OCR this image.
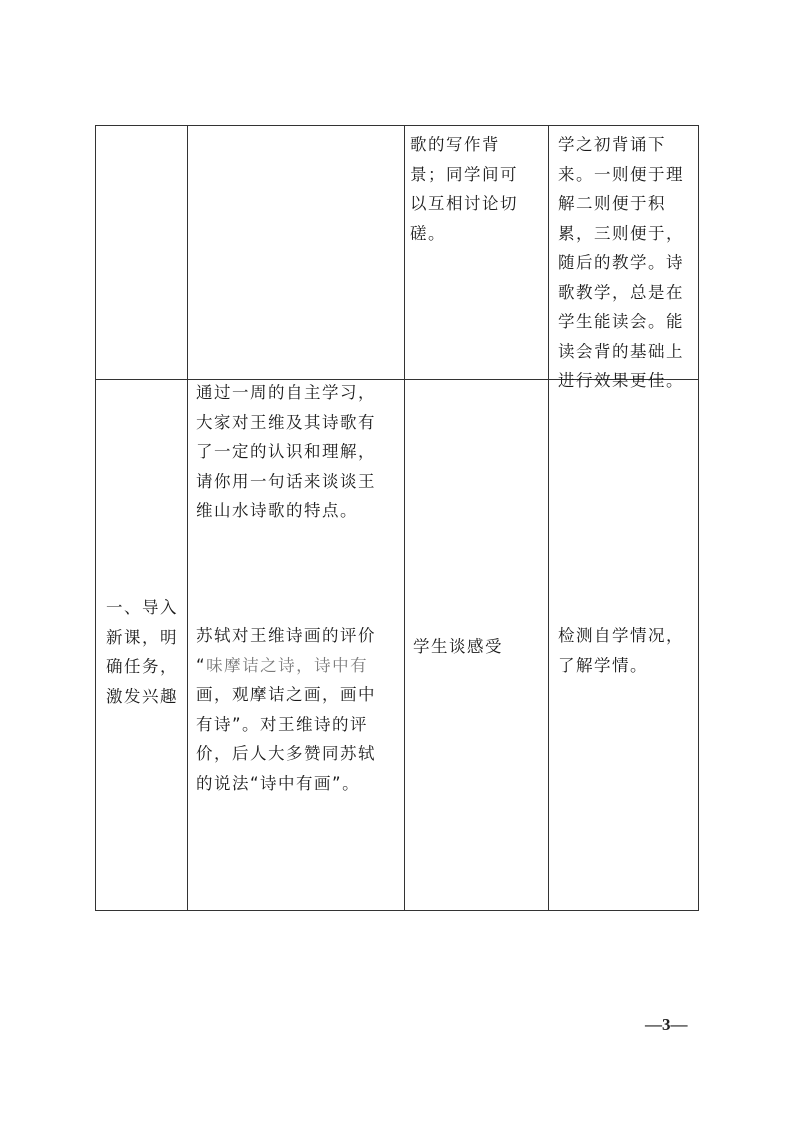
歌的写作背
景；同学间可
以互相讨论切
磋。
学之初背诵下
来。一则便于理
解二则便于积
累，三则便于，
随后的教学。诗
歌教学，总是在
学生能读会。能
读会背的基础上
进行效果更佳。
一、导入
新课，明
确任务，
激发兴趣
通过一周的自主学习，
大家对王维及其诗歌有
了一定的认识和理解，
请你用一句话来谈谈王
维山水诗歌的特点。
苏轼对王维诗画的评价
“味摩诘之诗，诗中有
画，观摩诘之画，画中
有诗”。对王维诗的评
价，后人大多赞同苏轼
的说法“诗中有画”。
学生谈感受
检测自学情况，
了解学情。
—3—
